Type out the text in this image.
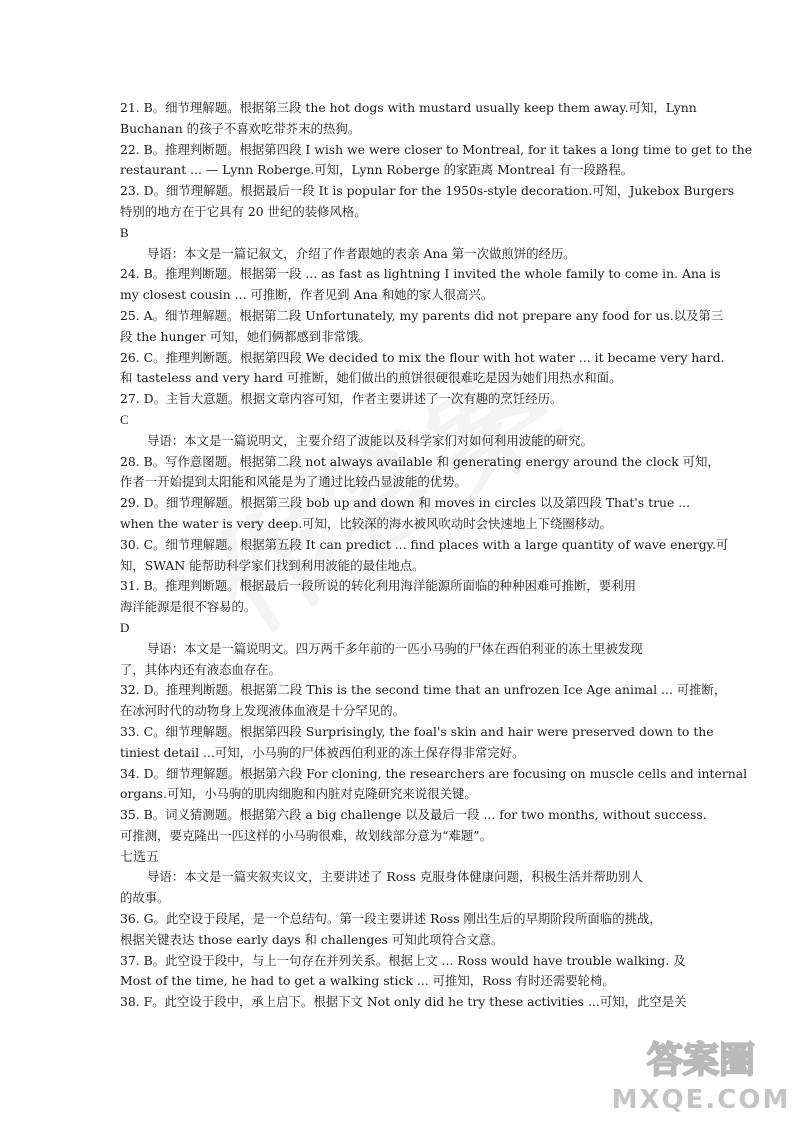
21. B。细节理解题。根据第三段 the hot dogs with mustard usually keep them away.可知，Lynn
Buchanan 的孩子不喜欢吃带芥末的热狗。
22. B。推理判断题。根据第四段 I wish we were closer to Montreal, for it takes a long time to get to the
restaurant ... — Lynn Roberge.可知，Lynn Roberge 的家距离 Montreal 有一段路程。
23. D。细节理解题。根据最后一段 It is popular for the 1950s-style decoration.可知，Jukebox Burgers
特别的地方在于它具有 20 世纪的装修风格。
B
导语：本文是一篇记叙文，介绍了作者跟她的表亲 Ana 第一次做煎饼的经历。
24. B。推理判断题。根据第一段 ... as fast as lightning I invited the whole family to come in. Ana is
my closest cousin ... 可推断，作者见到 Ana 和她的家人很高兴。
25. A。细节理解题。根据第二段 Unfortunately, my parents did not prepare any food for us.以及第三
段 the hunger 可知，她们俩都感到非常饿。
26. C。推理判断题。根据第四段 We decided to mix the flour with hot water ... it became very hard.
和 tasteless and very hard 可推断，她们做出的煎饼很硬很难吃是因为她们用热水和面。
27. D。主旨大意题。根据文章内容可知，作者主要讲述了一次有趣的烹饪经历。
C
导语：本文是一篇说明文，主要介绍了波能以及科学家们对如何利用波能的研究。
28. B。写作意图题。根据第二段 not always available 和 generating energy around the clock 可知，
作者一开始提到太阳能和风能是为了通过比较凸显波能的优势。
29. D。细节理解题。根据第三段 bob up and down 和 moves in circles 以及第四段 That's true ...
when the water is very deep.可知，比较深的海水被风吹动时会快速地上下绕圈移动。
30. C。细节理解题。根据第五段 It can predict ... find places with a large quantity of wave energy.可
知，SWAN 能帮助科学家们找到利用波能的最佳地点。
31. B。推理判断题。根据最后一段所说的转化利用海洋能源所面临的种种困难可推断，要利用
海洋能源是很不容易的。
D
导语：本文是一篇说明文。四万两千多年前的一匹小马驹的尸体在西伯利亚的冻土里被发现
了，其体内还有液态血存在。
32. D。推理判断题。根据第二段 This is the second time that an unfrozen Ice Age animal ... 可推断，
在冰河时代的动物身上发现液体血液是十分罕见的。
33. C。细节理解题。根据第四段 Surprisingly, the foal's skin and hair were preserved down to the
tiniest detail ...可知，小马驹的尸体被西伯利亚的冻土保存得非常完好。
34. D。细节理解题。根据第六段 For cloning, the researchers are focusing on muscle cells and internal
organs.可知，小马驹的肌肉细胞和内脏对克隆研究来说很关键。
35. B。词义猜测题。根据第六段 a big challenge 以及最后一段 ... for two months, without success.
可推测，要克隆出一匹这样的小马驹很难，故划线部分意为“难题”。
七选五
导语：本文是一篇夹叙夹议文，主要讲述了 Ross 克服身体健康问题，积极生活并帮助别人
的故事。
36. G。此空设于段尾，是一个总结句。第一段主要讲述 Ross 刚出生后的早期阶段所面临的挑战，
根据关键表达 those early days 和 challenges 可知此项符合文意。
37. B。此空设于段中，与上一句存在并列关系。根据上文 ... Ross would have trouble walking. 及
Most of the time, he had to get a walking stick ... 可推知，Ross 有时还需要轮椅。
38. F。此空设于段中，承上启下。根据下文 Not only did he try these activities ...可知，此空是关
答案圈
MXQE.COM
